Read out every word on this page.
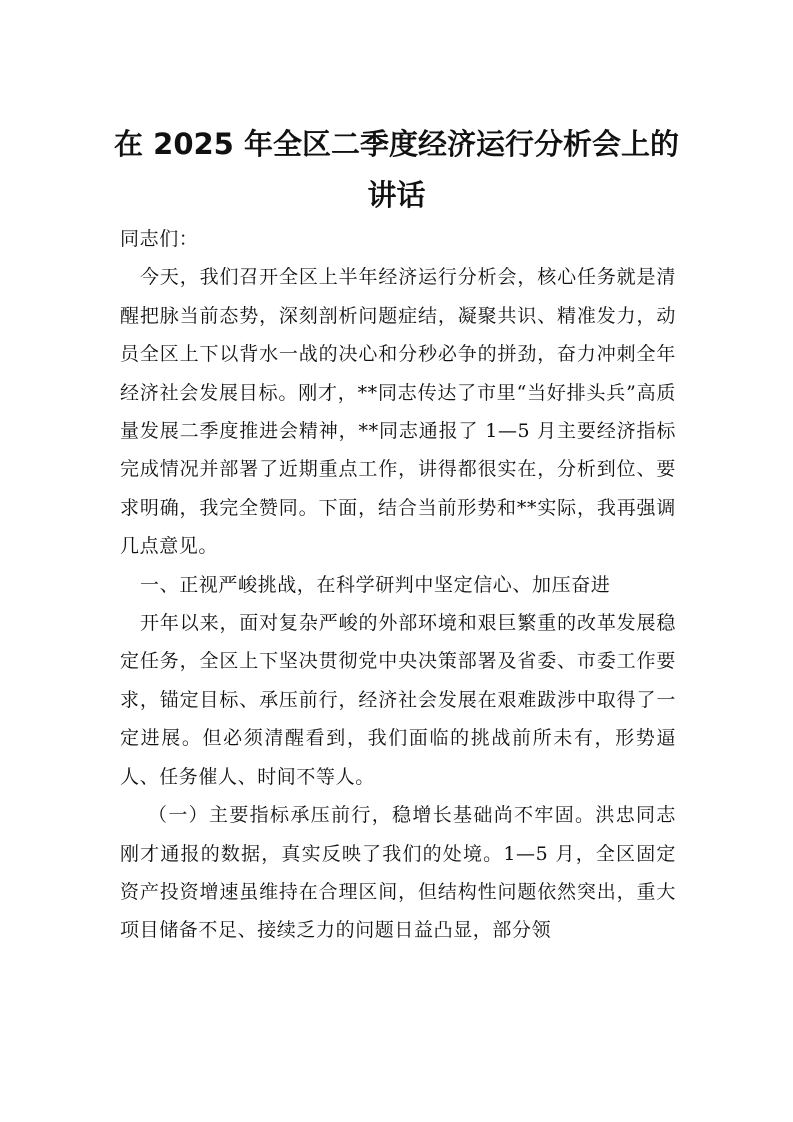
在 2025 年全区二季度经济运行分析会上的讲话

同志们：

今天，我们召开全区上半年经济运行分析会，核心任务就是清醒把脉当前态势，深刻剖析问题症结，凝聚共识、精准发力，动员全区上下以背水一战的决心和分秒必争的拼劲，奋力冲刺全年经济社会发展目标。刚才，**同志传达了市里“当好排头兵”高质量发展二季度推进会精神，**同志通报了 1—5 月主要经济指标完成情况并部署了近期重点工作，讲得都很实在，分析到位、要求明确，我完全赞同。下面，结合当前形势和**实际，我再强调几点意见。

一、正视严峻挑战，在科学研判中坚定信心、加压奋进

开年以来，面对复杂严峻的外部环境和艰巨繁重的改革发展稳定任务，全区上下坚决贯彻党中央决策部署及省委、市委工作要求，锚定目标、承压前行，经济社会发展在艰难跋涉中取得了一定进展。但必须清醒看到，我们面临的挑战前所未有，形势逼人、任务催人、时间不等人。

（一）主要指标承压前行，稳增长基础尚不牢固。洪忠同志刚才通报的数据，真实反映了我们的处境。1—5 月，全区固定资产投资增速虽维持在合理区间，但结构性问题依然突出，重大项目储备不足、接续乏力的问题日益凸显，部分领
